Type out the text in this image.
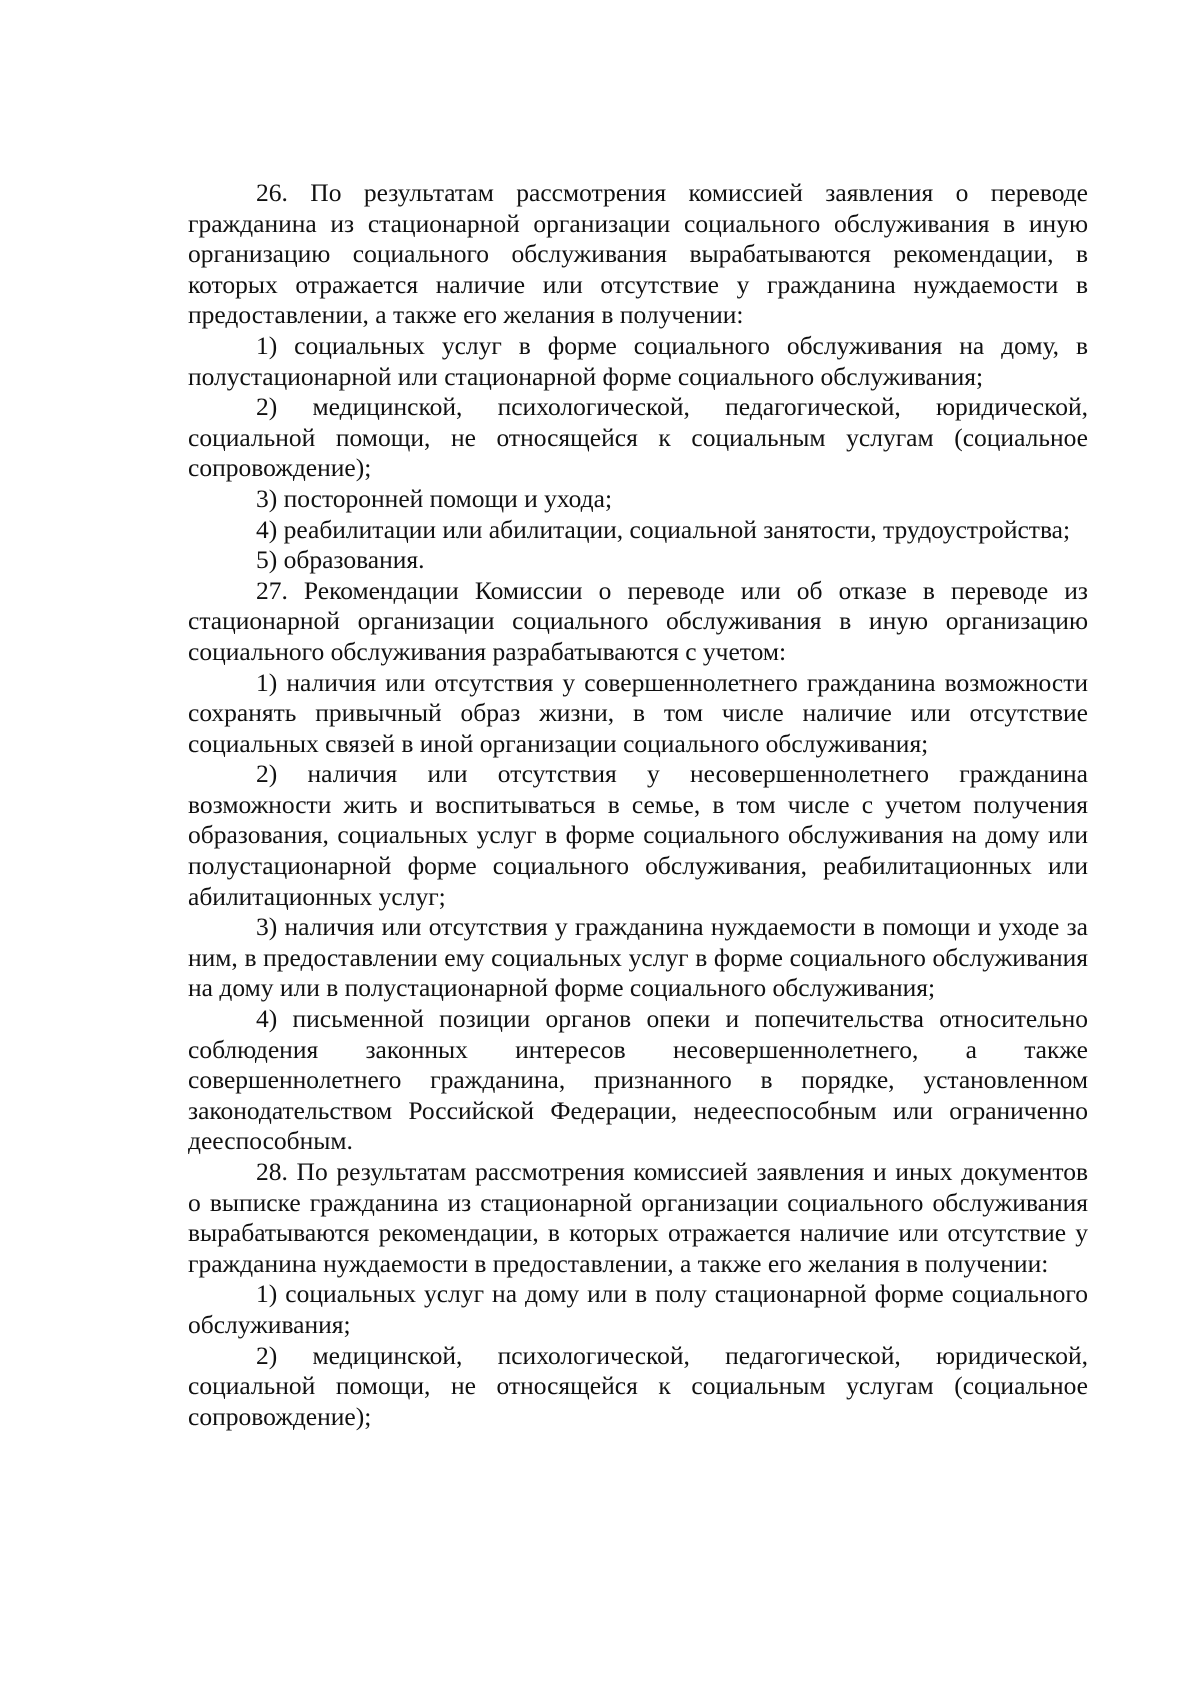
26. По результатам рассмотрения комиссией заявления о переводе гражданина из стационарной организации социального обслуживания в иную организацию социального обслуживания вырабатываются рекомендации, в которых отражается наличие или отсутствие у гражданина нуждаемости в предоставлении, а также его желания в получении:

1) социальных услуг в форме социального обслуживания на дому, в полустационарной или стационарной форме социального обслуживания;

2) медицинской, психологической, педагогической, юридической, социальной помощи, не относящейся к социальным услугам (социальное сопровождение);

3) посторонней помощи и ухода;

4) реабилитации или абилитации, социальной занятости, трудоустройства;

5) образования.

27. Рекомендации Комиссии о переводе или об отказе в переводе из стационарной организации социального обслуживания в иную организацию социального обслуживания разрабатываются с учетом:

1) наличия или отсутствия у совершеннолетнего гражданина возможности сохранять привычный образ жизни, в том числе наличие или отсутствие социальных связей в иной организации социального обслуживания;

2) наличия или отсутствия у несовершеннолетнего гражданина возможности жить и воспитываться в семье, в том числе с учетом получения образования, социальных услуг в форме социального обслуживания на дому или полустационарной форме социального обслуживания, реабилитационных или абилитационных услуг;

3) наличия или отсутствия у гражданина нуждаемости в помощи и уходе за ним, в предоставлении ему социальных услуг в форме социального обслуживания на дому или в полустационарной форме социального обслуживания;

4) письменной позиции органов опеки и попечительства относительно соблюдения законных интересов несовершеннолетнего, а также совершеннолетнего гражданина, признанного в порядке, установленном законодательством Российской Федерации, недееспособным или ограниченно дееспособным.

28. По результатам рассмотрения комиссией заявления и иных документов о выписке гражданина из стационарной организации социального обслуживания вырабатываются рекомендации, в которых отражается наличие или отсутствие у гражданина нуждаемости в предоставлении, а также его желания в получении:

1) социальных услуг на дому или в полу стационарной форме социального обслуживания;

2) медицинской, психологической, педагогической, юридической, социальной помощи, не относящейся к социальным услугам (социальное сопровождение);
